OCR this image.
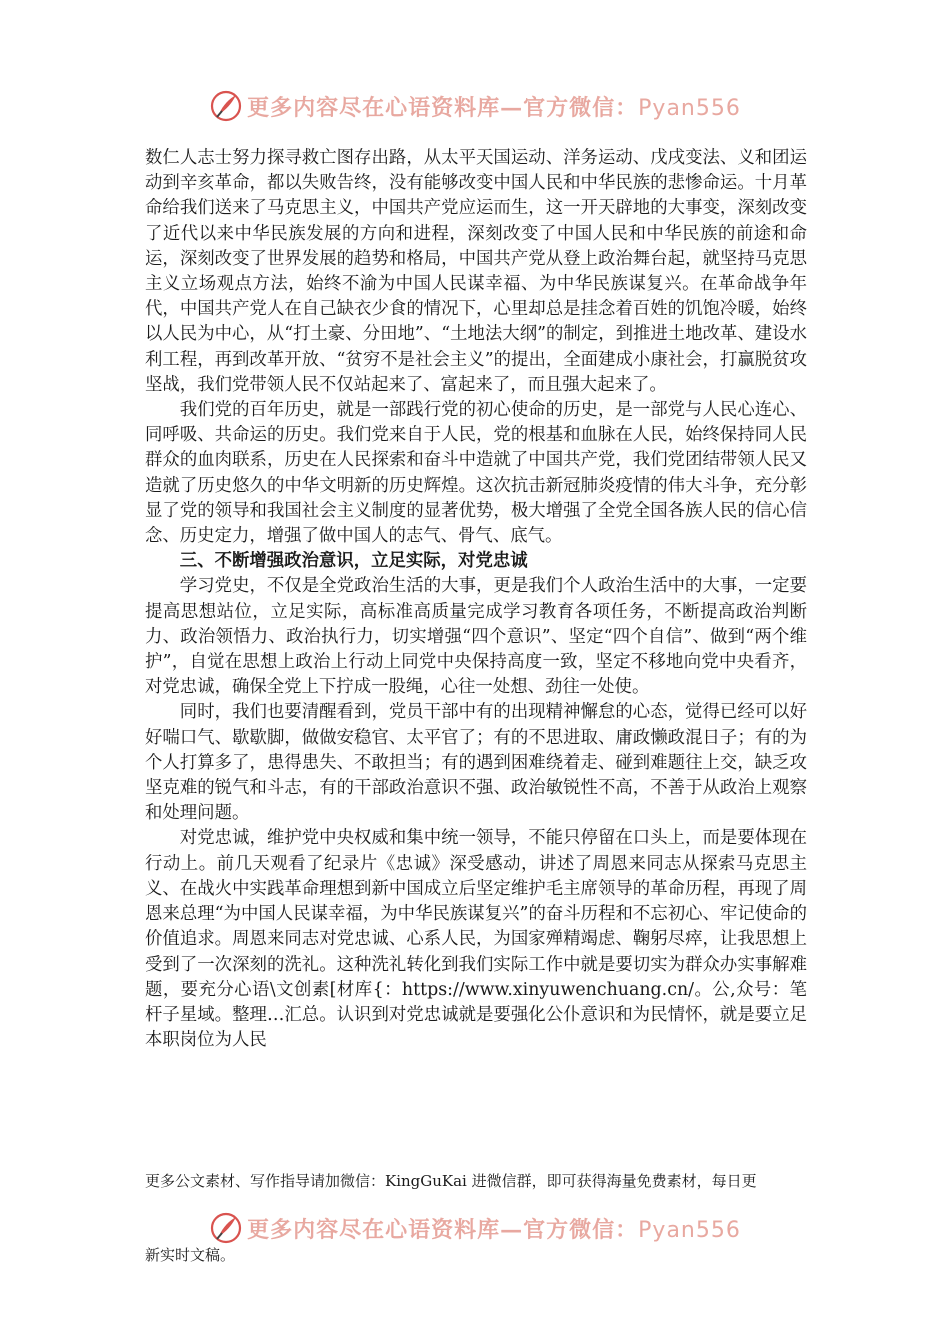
更多内容尽在心语资料库—官方微信：Pyan556

数仁人志士努力探寻救亡图存出路，从太平天国运动、洋务运动、戊戌变法、义和团运动到辛亥革命，都以失败告终，没有能够改变中国人民和中华民族的悲惨命运。十月革命给我们送来了马克思主义，中国共产党应运而生，这一开天辟地的大事变，深刻改变了近代以来中华民族发展的方向和进程，深刻改变了中国人民和中华民族的前途和命运，深刻改变了世界发展的趋势和格局，中国共产党从登上政治舞台起，就坚持马克思主义立场观点方法，始终不渝为中国人民谋幸福、为中华民族谋复兴。在革命战争年代，中国共产党人在自己缺衣少食的情况下，心里却总是挂念着百姓的饥饱冷暖，始终以人民为中心，从“打土豪、分田地”、“土地法大纲”的制定，到推进土地改革、建设水利工程，再到改革开放、“贫穷不是社会主义”的提出，全面建成小康社会，打赢脱贫攻坚战，我们党带领人民不仅站起来了、富起来了，而且强大起来了。

我们党的百年历史，就是一部践行党的初心使命的历史，是一部党与人民心连心、同呼吸、共命运的历史。我们党来自于人民，党的根基和血脉在人民，始终保持同人民群众的血肉联系，历史在人民探索和奋斗中造就了中国共产党，我们党团结带领人民又造就了历史悠久的中华文明新的历史辉煌。这次抗击新冠肺炎疫情的伟大斗争，充分彰显了党的领导和我国社会主义制度的显著优势，极大增强了全党全国各族人民的信心信念、历史定力，增强了做中国人的志气、骨气、底气。

三、不断增强政治意识，立足实际，对党忠诚

学习党史，不仅是全党政治生活的大事，更是我们个人政治生活中的大事，一定要提高思想站位，立足实际，高标准高质量完成学习教育各项任务，不断提高政治判断力、政治领悟力、政治执行力，切实增强“四个意识”、坚定“四个自信”、做到“两个维护”，自觉在思想上政治上行动上同党中央保持高度一致，坚定不移地向党中央看齐，对党忠诚，确保全党上下拧成一股绳，心往一处想、劲往一处使。

同时，我们也要清醒看到，党员干部中有的出现精神懈怠的心态，觉得已经可以好好喘口气、歇歇脚，做做安稳官、太平官了；有的不思进取、庸政懒政混日子；有的为个人打算多了，患得患失、不敢担当；有的遇到困难绕着走、碰到难题往上交，缺乏攻坚克难的锐气和斗志，有的干部政治意识不强、政治敏锐性不高，不善于从政治上观察和处理问题。

对党忠诚，维护党中央权威和集中统一领导，不能只停留在口头上，而是要体现在行动上。前几天观看了纪录片《忠诚》深受感动，讲述了周恩来同志从探索马克思主义、在战火中实践革命理想到新中国成立后坚定维护毛主席领导的革命历程，再现了周恩来总理“为中国人民谋幸福，为中华民族谋复兴”的奋斗历程和不忘初心、牢记使命的价值追求。周恩来同志对党忠诚、心系人民，为国家殚精竭虑、鞠躬尽瘁，让我思想上受到了一次深刻的洗礼。这种洗礼转化到我们实际工作中就是要切实为群众办实事解难题，要充分心语\文创素[材库{：https://www.xinyuwenchuang.cn/。公,众号：笔杆子星域。整理…汇总。认识到对党忠诚就是要强化公仆意识和为民情怀，就是要立足本职岗位为人民

更多公文素材、写作指导请加微信：KingGuKai 进微信群，即可获得海量免费素材，每日更
更多内容尽在心语资料库—官方微信：Pyan556
新实时文稿。
